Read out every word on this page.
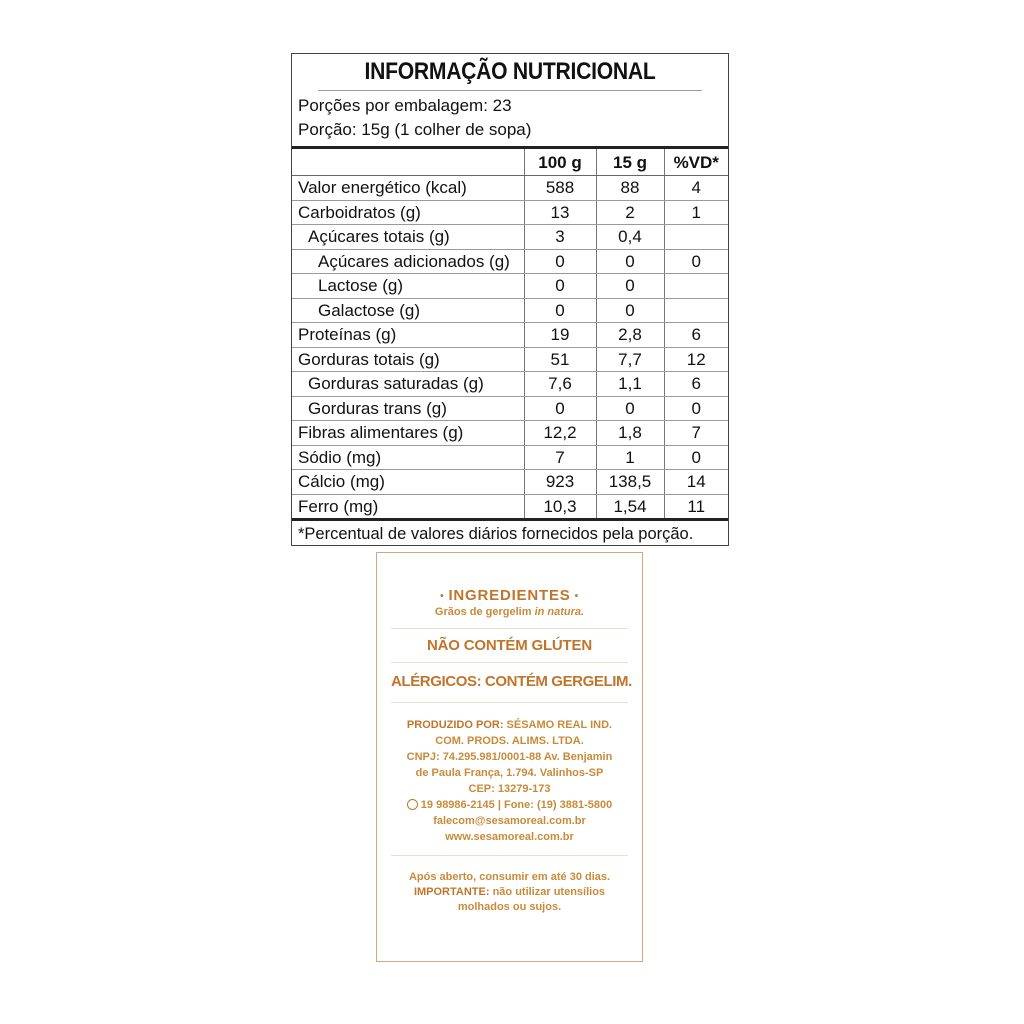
INFORMAÇÃO NUTRICIONAL
Porções por embalagem: 23
Porção: 15g (1 colher de sopa)
	100 g	15 g	%VD*
Valor energético (kcal)	588	88	4
Carboidratos (g)	13	2	1
Açúcares totais (g)	3	0,4	
Açúcares adicionados (g)	0	0	0
Lactose (g)	0	0	
Galactose (g)	0	0	
Proteínas (g)	19	2,8	6
Gorduras totais (g)	51	7,7	12
Gorduras saturadas (g)	7,6	1,1	6
Gorduras trans (g)	0	0	0
Fibras alimentares (g)	12,2	1,8	7
Sódio (mg)	7	1	0
Cálcio (mg)	923	138,5	14
Ferro (mg)	10,3	1,54	11
*Percentual de valores diários fornecidos pela porção.
• INGREDIENTES •
Grãos de gergelim in natura.
NÃO CONTÉM GLÚTEN
ALÉRGICOS: CONTÉM GERGELIM.
PRODUZIDO POR: SÉSAMO REAL IND.
COM. PRODS. ALIMS. LTDA.
CNPJ: 74.295.981/0001-88 Av. Benjamin
de Paula França, 1.794. Valinhos-SP
CEP: 13279-173
19 98986-2145 | Fone: (19) 3881-5800
falecom@sesamoreal.com.br
www.sesamoreal.com.br
Após aberto, consumir em até 30 dias.
IMPORTANTE: não utilizar utensílios
molhados ou sujos.
